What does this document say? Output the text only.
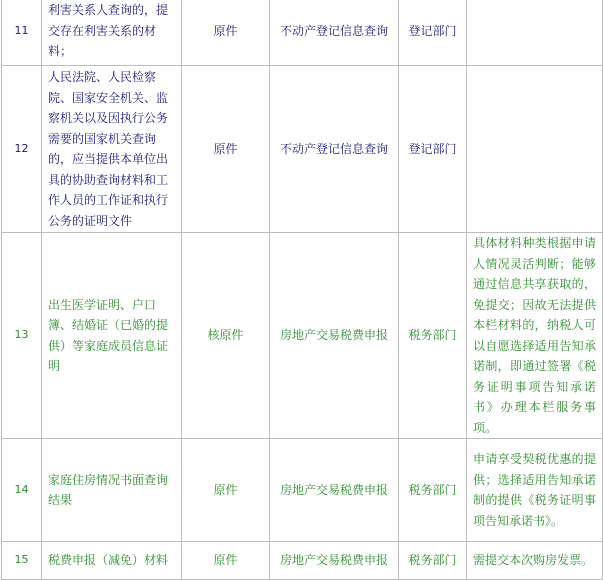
11	利害关系人查询的，提交存在利害关系的材料；	原件	不动产登记信息查询	登记部门	
12	人民法院、人民检察院、国家安全机关、监察机关以及因执行公务需要的国家机关查询的，应当提供本单位出具的协助查询材料和工作人员的工作证和执行公务的证明文件	原件	不动产登记信息查询	登记部门	
13	出生医学证明、户口簿、结婚证（已婚的提供）等家庭成员信息证明	核原件	房地产交易税费申报	税务部门	具体材料种类根据申请人情况灵活判断；能够通过信息共享获取的，免提交；因故无法提供本栏材料的，纳税人可以自愿选择适用告知承诺制，即通过签署《税务证明事项告知承诺书》办理本栏服务事项。
14	家庭住房情况书面查询结果	原件	房地产交易税费申报	税务部门	申请享受契税优惠的提供；选择适用告知承诺制的提供《税务证明事项告知承诺书》。
15	税费申报（减免）材料	原件	房地产交易税费申报	税务部门	需提交本次购房发票。
